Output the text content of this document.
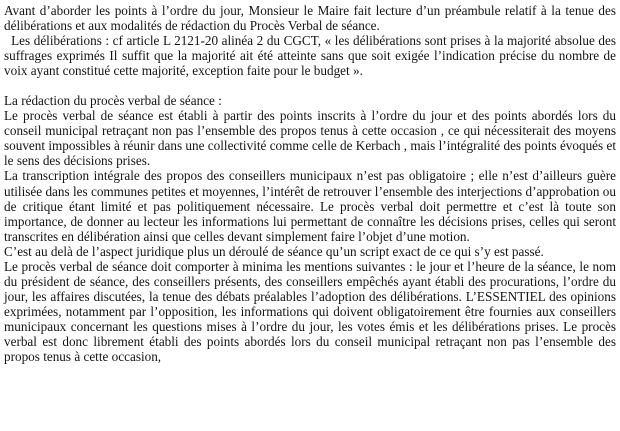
Avant d’aborder les points à l’ordre du jour, Monsieur le Maire fait lecture d’un préambule relatif à la tenue des délibérations et aux modalités de rédaction du Procès Verbal de séance.

Les délibérations : cf article L 2121-20 alinéa 2 du CGCT, « les délibérations sont prises à la majorité absolue des suffrages exprimés Il suffit que la majorité ait été atteinte sans que soit exigée l’indication précise du nombre de voix ayant constitué cette majorité, exception faite pour le budget ».

La rédaction du procès verbal de séance :

Le procès verbal de séance est établi à partir des points inscrits à l’ordre du jour et des points abordés lors du conseil municipal retraçant non pas l’ensemble des propos tenus à cette occasion , ce qui nécessiterait des moyens souvent impossibles à réunir dans une collectivité comme celle de Kerbach , mais l’intégralité des points évoqués et le sens des décisions prises.

La transcription intégrale des propos des conseillers municipaux n’est pas obligatoire ; elle n’est d’ailleurs guère utilisée dans les communes petites et moyennes, l’intérêt de retrouver l’ensemble des interjections d’approbation ou de critique étant limité et pas politiquement nécessaire. Le procès verbal doit permettre et c’est là toute son importance, de donner au lecteur les informations lui permettant de connaître les décisions prises, celles qui seront transcrites en délibération ainsi que celles devant simplement faire l’objet d’une motion.

C’est au delà de l’aspect juridique plus un déroulé de séance qu’un script exact de ce qui s’y est passé.

Le procès verbal de séance doit comporter à minima les mentions suivantes : le jour et l’heure de la séance, le nom du président de séance, des conseillers présents, des conseillers empêchés ayant établi des procurations, l’ordre du jour, les affaires discutées, la tenue des débats préalables l’adoption des délibérations. L’ESSENTIEL des opinions exprimées, notamment par l’opposition, les informations qui doivent obligatoirement être fournies aux conseillers municipaux concernant les questions mises à l’ordre du jour, les votes émis et les délibérations prises. Le procès verbal est donc librement établi des points abordés lors du conseil municipal retraçant non pas l’ensemble des propos tenus à cette occasion,
